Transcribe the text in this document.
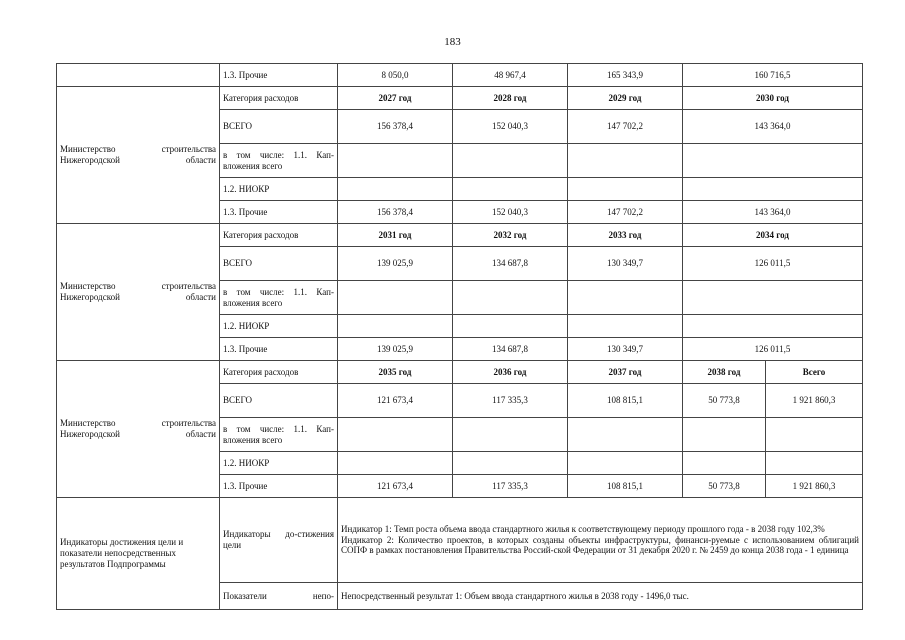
183
	1.3. Прочие	8 050,0	48 967,4	165 343,9	160 716,5	
Министерство строительства Нижегородской области	Категория расходов	2027 год	2028 год	2029 год	2030 год	
	ВСЕГО	156 378,4	152 040,3	147 702,2	143 364,0	
	в том числе: 1.1. Кап-вложения всего					
	1.2. НИОКР					
	1.3. Прочие	156 378,4	152 040,3	147 702,2	143 364,0	
Министерство строительства Нижегородской области	Категория расходов	2031 год	2032 год	2033 год	2034 год	
	ВСЕГО	139 025,9	134 687,8	130 349,7	126 011,5	
	в том числе: 1.1. Кап-вложения всего					
	1.2. НИОКР					
	1.3. Прочие	139 025,9	134 687,8	130 349,7	126 011,5	
Министерство строительства Нижегородской области	Категория расходов	2035 год	2036 год	2037 год	2038 год	Всего
	ВСЕГО	121 673,4	117 335,3	108 815,1	50 773,8	1 921 860,3
	в том числе: 1.1. Кап-вложения всего					
	1.2. НИОКР					
	1.3. Прочие	121 673,4	117 335,3	108 815,1	50 773,8	1 921 860,3
Индикаторы достижения цели и показатели непосредственных результатов Подпрограммы	Индикаторы до-стижения цели	Индикатор 1: Темп роста объема ввода стандартного жилья к соответствующему периоду прошлого года - в 2038 году 102,3%
Индикатор 2: Количество проектов, в которых созданы объекты инфраструктуры, финанси-руемые с использованием облигаций СОПФ в рамках постановления Правительства Россий-ской Федерации от 31 декабря 2020 г. № 2459 до конца 2038 года - 1 единица				

	Показатели непо-	Непосредственный результат 1: Объем ввода стандартного жилья в 2038 году - 1496,0 тыс.				
